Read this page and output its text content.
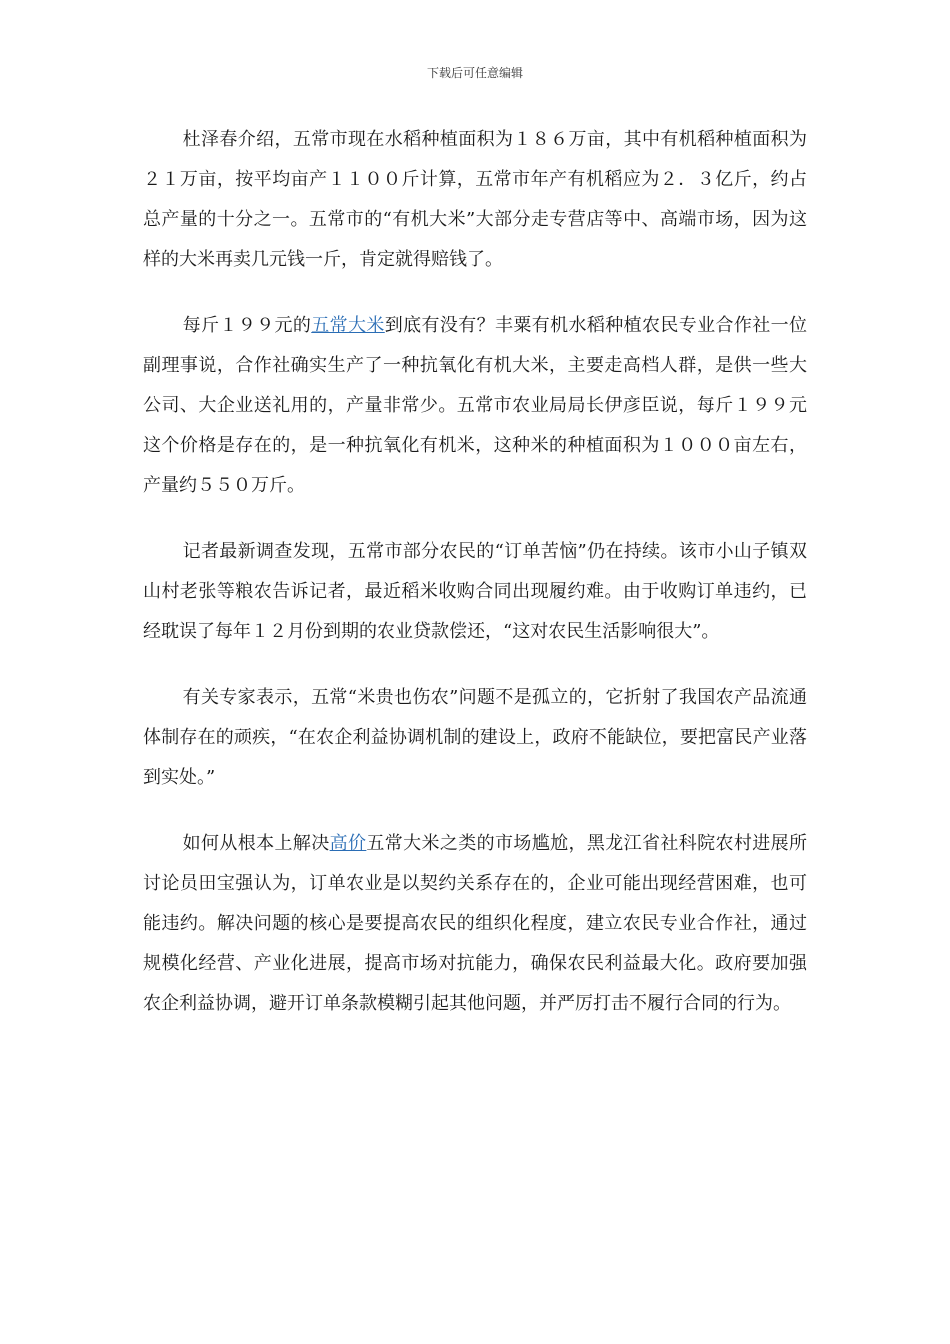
下载后可任意编辑

杜泽春介绍，五常市现在水稻种植面积为１８６万亩，其中有机稻种植面积为２１万亩，按平均亩产１１００斤计算，五常市年产有机稻应为２．３亿斤，约占总产量的十分之一。五常市的“有机大米”大部分走专营店等中、高端市场，因为这样的大米再卖几元钱一斤，肯定就得赔钱了。

每斤１９９元的五常大米到底有没有？丰粟有机水稻种植农民专业合作社一位副理事说，合作社确实生产了一种抗氧化有机大米，主要走高档人群，是供一些大公司、大企业送礼用的，产量非常少。五常市农业局局长伊彦臣说，每斤１９９元这个价格是存在的，是一种抗氧化有机米，这种米的种植面积为１０００亩左右，产量约５５０万斤。

记者最新调查发现，五常市部分农民的“订单苦恼”仍在持续。该市小山子镇双山村老张等粮农告诉记者，最近稻米收购合同出现履约难。由于收购订单违约，已经耽误了每年１２月份到期的农业贷款偿还，“这对农民生活影响很大”。

有关专家表示，五常“米贵也伤农”问题不是孤立的，它折射了我国农产品流通体制存在的顽疾，“在农企利益协调机制的建设上，政府不能缺位，要把富民产业落到实处。”

如何从根本上解决高价五常大米之类的市场尴尬，黑龙江省社科院农村进展所讨论员田宝强认为，订单农业是以契约关系存在的，企业可能出现经营困难，也可能违约。解决问题的核心是要提高农民的组织化程度，建立农民专业合作社，通过规模化经营、产业化进展，提高市场对抗能力，确保农民利益最大化。政府要加强农企利益协调，避开订单条款模糊引起其他问题，并严厉打击不履行合同的行为。
